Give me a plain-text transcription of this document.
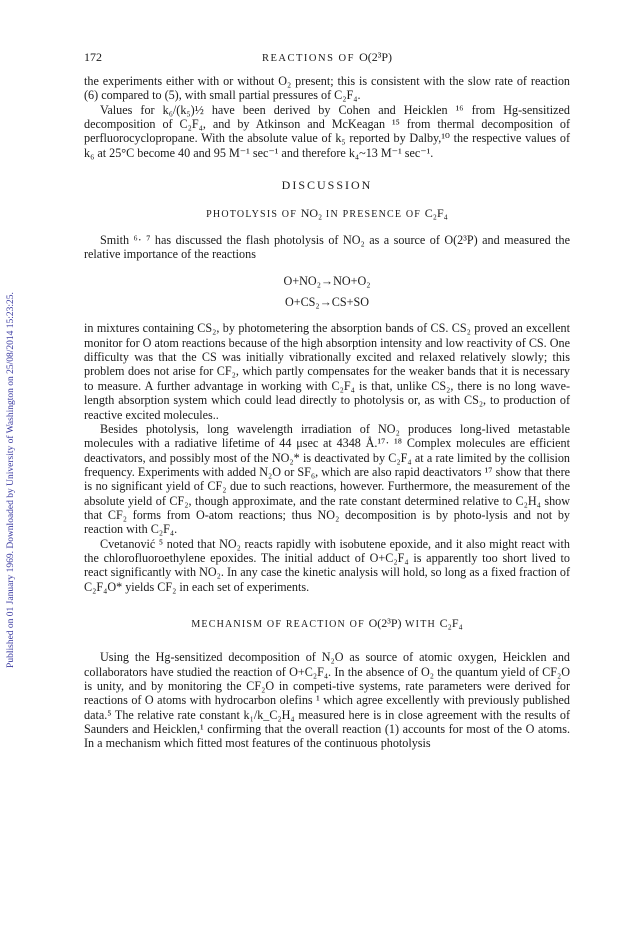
Published on 01 January 1969. Downloaded by University of Washington on 25/08/2014 15:23:25.
172	REACTIONS OF O(2³P)

the experiments either with or without O₂ present; this is consistent with the slow rate of reaction (6) compared to (5), with small partial pressures of C₂F₄.

Values for k₆/(k₅)½ have been derived by Cohen and Heicklen ¹⁶ from Hg-sensitized decomposition of C₂F₄, and by Atkinson and McKeagan ¹⁵ from thermal decomposition of perfluorocyclopropane. With the absolute value of k₅ reported by Dalby,¹⁰ the respective values of k₆ at 25°C become 40 and 95 M⁻¹ sec⁻¹ and therefore k₄~13 M⁻¹ sec⁻¹.

DISCUSSION
PHOTOLYSIS OF NO₂ IN PRESENCE OF C₂F₄

Smith ⁶· ⁷ has discussed the flash photolysis of NO₂ as a source of O(2³P) and measured the relative importance of the reactions

O+NO₂→NO+O₂
O+CS₂→CS+SO

in mixtures containing CS₂, by photometering the absorption bands of CS. CS₂ proved an excellent monitor for O atom reactions because of the high absorption intensity and low reactivity of CS. One difficulty was that the CS was initially vibrationally excited and relaxed relatively slowly; this problem does not arise for CF₂, which partly compensates for the weaker bands that it is necessary to measure. A further advantage in working with C₂F₄ is that, unlike CS₂, there is no long wave-length absorption system which could lead directly to photolysis or, as with CS₂, to production of reactive excited molecules..

Besides photolysis, long wavelength irradiation of NO₂ produces long-lived metastable molecules with a radiative lifetime of 44 μsec at 4348 Å.¹⁷· ¹⁸ Complex molecules are efficient deactivators, and possibly most of the NO₂* is deactivated by C₂F₄ at a rate limited by the collision frequency. Experiments with added N₂O or SF₆, which are also rapid deactivators ¹⁷ show that there is no significant yield of CF₂ due to such reactions, however. Furthermore, the measurement of the absolute yield of CF₂, though approximate, and the rate constant determined relative to C₂H₄ show that CF₂ forms from O-atom reactions; thus NO₂ decomposition is by photo-lysis and not by reaction with C₂F₄.

Cvetanović ⁵ noted that NO₂ reacts rapidly with isobutene epoxide, and it also might react with the chlorofluoroethylene epoxides. The initial adduct of O+C₂F₄ is apparently too short lived to react significantly with NO₂. In any case the kinetic analysis will hold, so long as a fixed fraction of C₂F₄O* yields CF₂ in each set of experiments.

MECHANISM OF REACTION OF O(2³P) WITH C₂F₄

Using the Hg-sensitized decomposition of N₂O as source of atomic oxygen, Heicklen and collaborators have studied the reaction of O+C₂F₄. In the absence of O₂ the quantum yield of CF₂O is unity, and by monitoring the CF₂O in competi-tive systems, rate parameters were derived for reactions of O atoms with hydrocarbon olefins ¹ which agree excellently with previously published data.⁵ The relative rate constant k₁/k_C₂H₄ measured here is in close agreement with the results of Saunders and Heicklen,¹ confirming that the overall reaction (1) accounts for most of the O atoms. In a mechanism which fitted most features of the continuous photolysis
